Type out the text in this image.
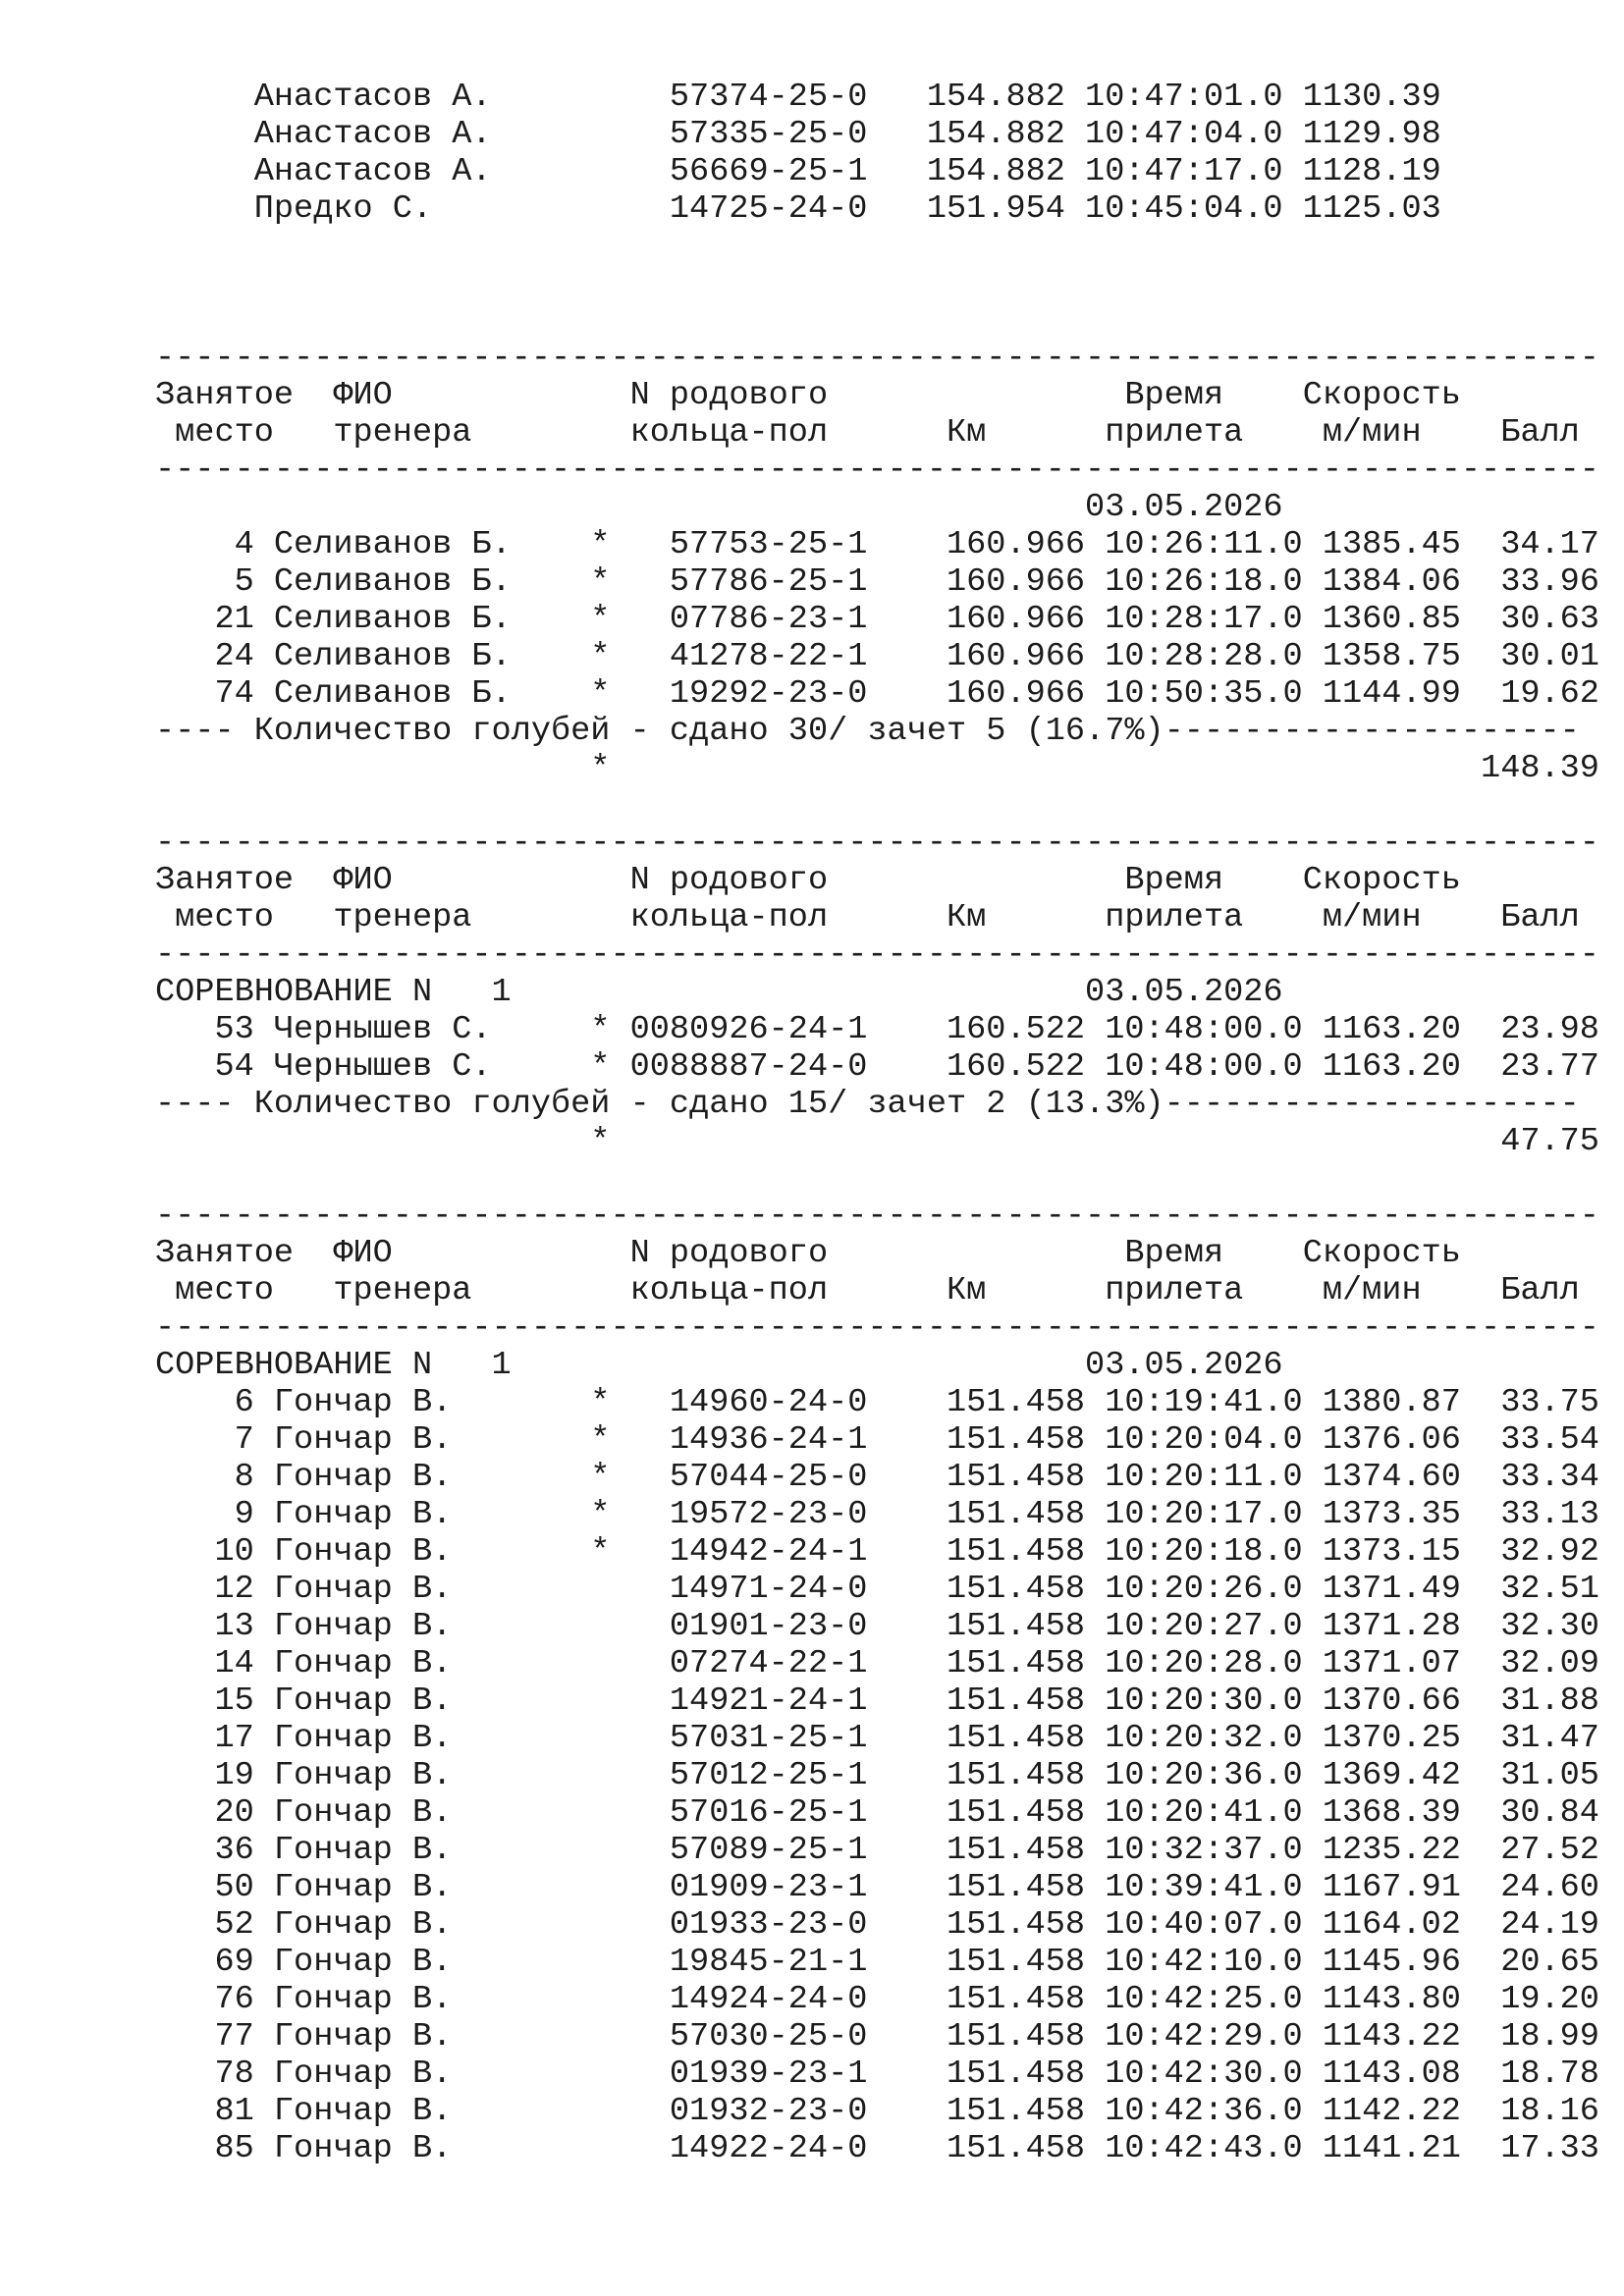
Анастасов А.         57374-25-0   154.882 10:47:01.0 1130.39
Анастасов А.         57335-25-0   154.882 10:47:04.0 1129.98
Анастасов А.         56669-25-1   154.882 10:47:17.0 1128.19
Предко С.            14725-24-0   151.954 10:45:04.0 1125.03
-------------------------------------------------------------------------
Занятое  ФИО            N родового               Время    Скорость
место   тренера        кольца-пол      Км      прилета    м/мин    Балл
-------------------------------------------------------------------------
03.05.2026
4 Селиванов Б.    *   57753-25-1    160.966 10:26:11.0 1385.45  34.17
5 Селиванов Б.    *   57786-25-1    160.966 10:26:18.0 1384.06  33.96
21 Селиванов Б.    *   07786-23-1    160.966 10:28:17.0 1360.85  30.63
24 Селиванов Б.    *   41278-22-1    160.966 10:28:28.0 1358.75  30.01
74 Селиванов Б.    *   19292-23-0    160.966 10:50:35.0 1144.99  19.62
---- Количество голубей - сдано 30/ зачет 5 (16.7%)---------------------
*                                            148.39
-------------------------------------------------------------------------
Занятое  ФИО            N родового               Время    Скорость
место   тренера        кольца-пол      Км      прилета    м/мин    Балл
-------------------------------------------------------------------------
СОРЕВНОВАНИЕ N   1                             03.05.2026
53 Чернышев С.     * 0080926-24-1    160.522 10:48:00.0 1163.20  23.98
54 Чернышев С.     * 0088887-24-0    160.522 10:48:00.0 1163.20  23.77
---- Количество голубей - сдано 15/ зачет 2 (13.3%)---------------------
*                                             47.75
-------------------------------------------------------------------------
Занятое  ФИО            N родового               Время    Скорость
место   тренера        кольца-пол      Км      прилета    м/мин    Балл
-------------------------------------------------------------------------
СОРЕВНОВАНИЕ N   1                             03.05.2026
6 Гончар В.       *   14960-24-0    151.458 10:19:41.0 1380.87  33.75
7 Гончар В.       *   14936-24-1    151.458 10:20:04.0 1376.06  33.54
8 Гончар В.       *   57044-25-0    151.458 10:20:11.0 1374.60  33.34
9 Гончар В.       *   19572-23-0    151.458 10:20:17.0 1373.35  33.13
10 Гончар В.       *   14942-24-1    151.458 10:20:18.0 1373.15  32.92
12 Гончар В.           14971-24-0    151.458 10:20:26.0 1371.49  32.51
13 Гончар В.           01901-23-0    151.458 10:20:27.0 1371.28  32.30
14 Гончар В.           07274-22-1    151.458 10:20:28.0 1371.07  32.09
15 Гончар В.           14921-24-1    151.458 10:20:30.0 1370.66  31.88
17 Гончар В.           57031-25-1    151.458 10:20:32.0 1370.25  31.47
19 Гончар В.           57012-25-1    151.458 10:20:36.0 1369.42  31.05
20 Гончар В.           57016-25-1    151.458 10:20:41.0 1368.39  30.84
36 Гончар В.           57089-25-1    151.458 10:32:37.0 1235.22  27.52
50 Гончар В.           01909-23-1    151.458 10:39:41.0 1167.91  24.60
52 Гончар В.           01933-23-0    151.458 10:40:07.0 1164.02  24.19
69 Гончар В.           19845-21-1    151.458 10:42:10.0 1145.96  20.65
76 Гончар В.           14924-24-0    151.458 10:42:25.0 1143.80  19.20
77 Гончар В.           57030-25-0    151.458 10:42:29.0 1143.22  18.99
78 Гончар В.           01939-23-1    151.458 10:42:30.0 1143.08  18.78
81 Гончар В.           01932-23-0    151.458 10:42:36.0 1142.22  18.16
85 Гончар В.           14922-24-0    151.458 10:42:43.0 1141.21  17.33
